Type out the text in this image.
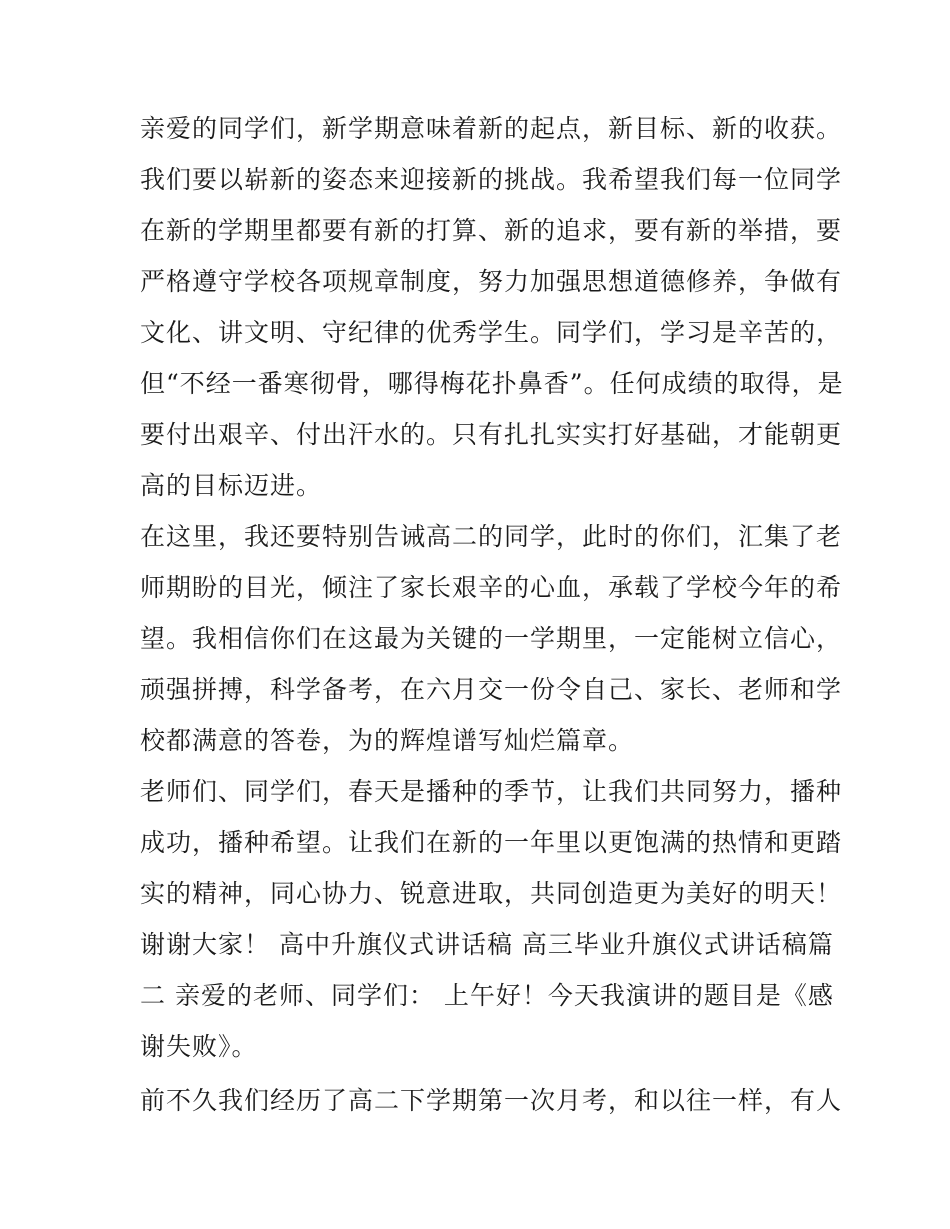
亲爱的同学们，新学期意味着新的起点，新目标、新的收获。
我们要以崭新的姿态来迎接新的挑战。我希望我们每一位同学
在新的学期里都要有新的打算、新的追求，要有新的举措，要
严格遵守学校各项规章制度，努力加强思想道德修养，争做有
文化、讲文明、守纪律的优秀学生。同学们，学习是辛苦的，
但“不经一番寒彻骨，哪得梅花扑鼻香”。任何成绩的取得，是
要付出艰辛、付出汗水的。只有扎扎实实打好基础，才能朝更
高的目标迈进。
在这里，我还要特别告诫高二的同学，此时的你们，汇集了老
师期盼的目光，倾注了家长艰辛的心血，承载了学校今年的希
望。我相信你们在这最为关键的一学期里，一定能树立信心，
顽强拼搏，科学备考，在六月交一份令自己、家长、老师和学
校都满意的答卷，为的辉煌谱写灿烂篇章。
老师们、同学们，春天是播种的季节，让我们共同努力，播种
成功，播种希望。让我们在新的一年里以更饱满的热情和更踏
实的精神，同心协力、锐意进取，共同创造更为美好的明天！
谢谢大家！ 高中升旗仪式讲话稿 高三毕业升旗仪式讲话稿篇
二 亲爱的老师、同学们： 上午好！今天我演讲的题目是《感
谢失败》。
前不久我们经历了高二下学期第一次月考，和以往一样，有人
